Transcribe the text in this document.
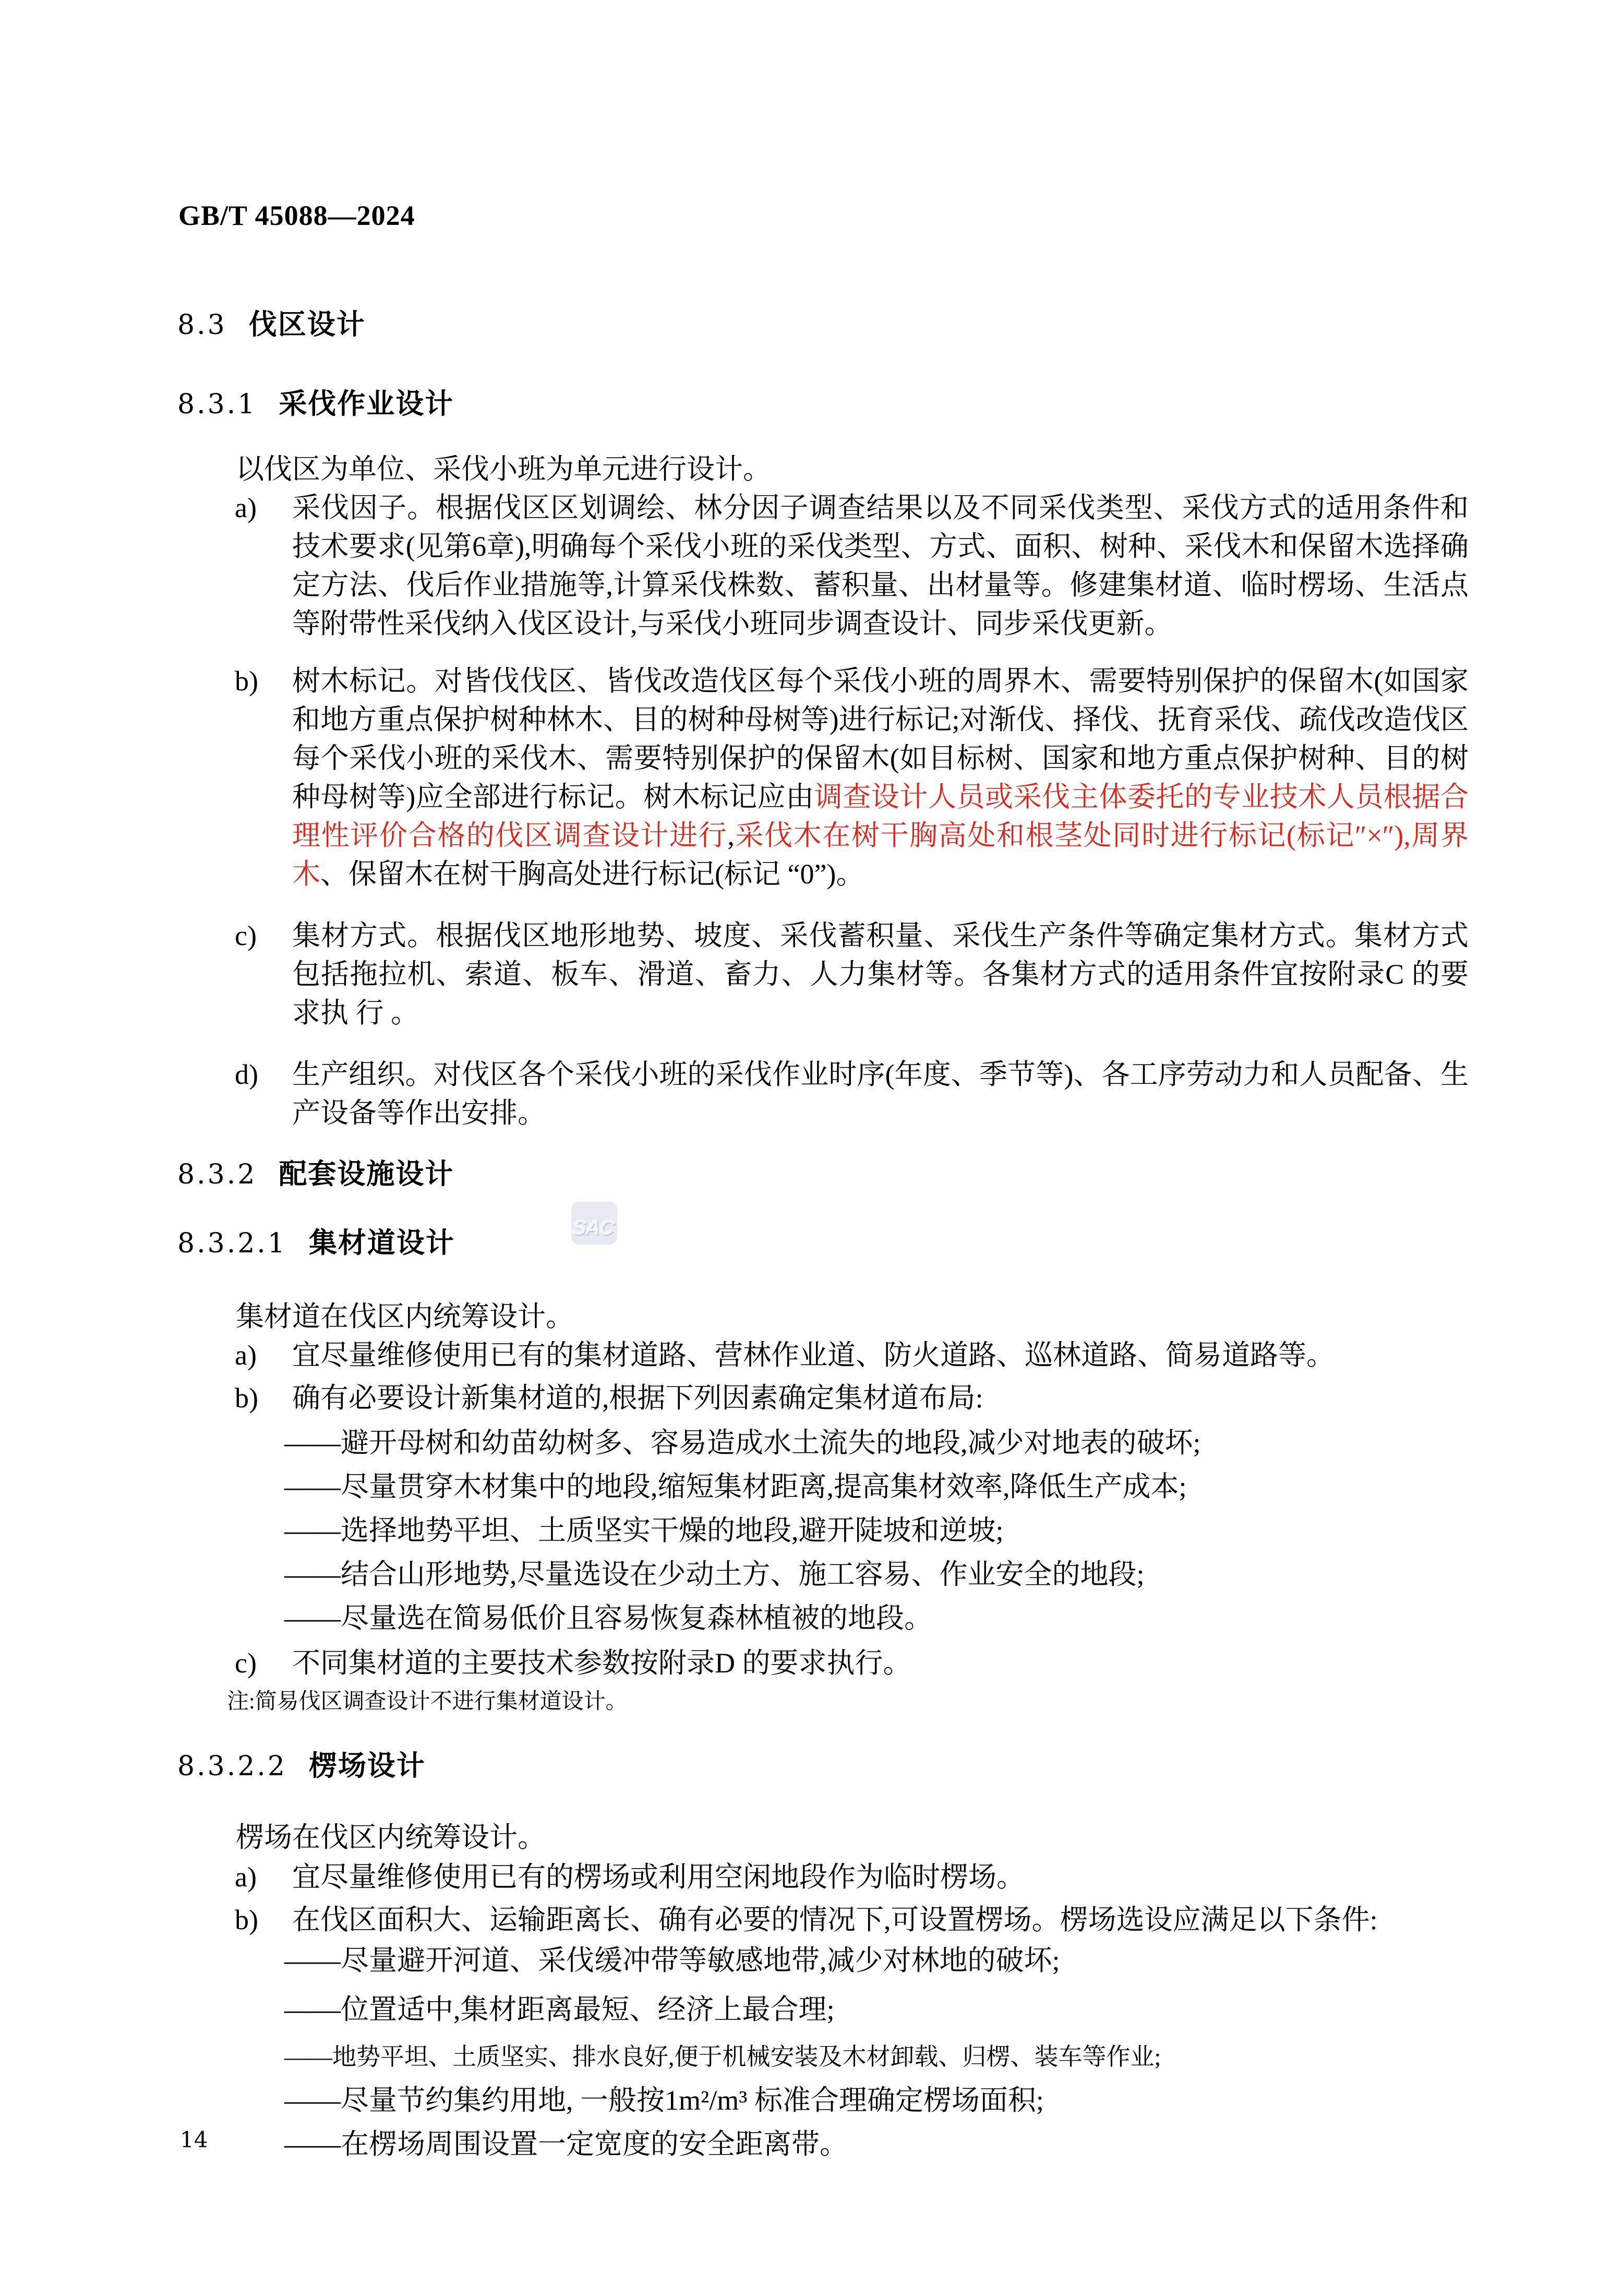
SAC
GB/T 45088—2024
8.3 伐区设计
8.3.1 采伐作业设计
以伐区为单位、采伐小班为单元进行设计。
a) 采伐因子。根据伐区区划调绘、林分因子调查结果以及不同采伐类型、采伐方式的适用条件和技术要求(见第6章),明确每个采伐小班的采伐类型、方式、面积、树种、采伐木和保留木选择确定方法、伐后作业措施等,计算采伐株数、蓄积量、出材量等。修建集材道、临时楞场、生活点等附带性采伐纳入伐区设计,与采伐小班同步调查设计、同步采伐更新。
b) 树木标记。对皆伐伐区、皆伐改造伐区每个采伐小班的周界木、需要特别保护的保留木(如国家和地方重点保护树种林木、目的树种母树等)进行标记;对渐伐、择伐、抚育采伐、疏伐改造伐区每个采伐小班的采伐木、需要特别保护的保留木(如目标树、国家和地方重点保护树种、目的树种母树等)应全部进行标记。树木标记应由调查设计人员或采伐主体委托的专业技术人员根据合理性评价合格的伐区调查设计进行,采伐木在树干胸高处和根茎处同时进行标记(标记″×″),周界木、保留木在树干胸高处进行标记(标记 “0”)。
c) 集材方式。根据伐区地形地势、坡度、采伐蓄积量、采伐生产条件等确定集材方式。集材方式包括拖拉机、索道、板车、滑道、畜力、人力集材等。各集材方式的适用条件宜按附录C 的要求执 行 。
d) 生产组织。对伐区各个采伐小班的采伐作业时序(年度、季节等)、各工序劳动力和人员配备、生产设备等作出安排。
8.3.2 配套设施设计
8.3.2.1 集材道设计
集材道在伐区内统筹设计。
a) 宜尽量维修使用已有的集材道路、营林作业道、防火道路、巡林道路、简易道路等。
b) 确有必要设计新集材道的,根据下列因素确定集材道布局:
——避开母树和幼苗幼树多、容易造成水土流失的地段,减少对地表的破坏;
——尽量贯穿木材集中的地段,缩短集材距离,提高集材效率,降低生产成本;
——选择地势平坦、土质坚实干燥的地段,避开陡坡和逆坡;
——结合山形地势,尽量选设在少动土方、施工容易、作业安全的地段;
——尽量选在简易低价且容易恢复森林植被的地段。
c) 不同集材道的主要技术参数按附录D 的要求执行。
注:简易伐区调查设计不进行集材道设计。
8.3.2.2 楞场设计
楞场在伐区内统筹设计。
a) 宜尽量维修使用已有的楞场或利用空闲地段作为临时楞场。
b) 在伐区面积大、运输距离长、确有必要的情况下,可设置楞场。楞场选设应满足以下条件:
——尽量避开河道、采伐缓冲带等敏感地带,减少对林地的破坏;
——位置适中,集材距离最短、经济上最合理;
——地势平坦、土质坚实、排水良好,便于机械安装及木材卸载、归楞、装车等作业;
——尽量节约集约用地, 一般按1m²/m³ 标准合理确定楞场面积;
——在楞场周围设置一定宽度的安全距离带。
14
